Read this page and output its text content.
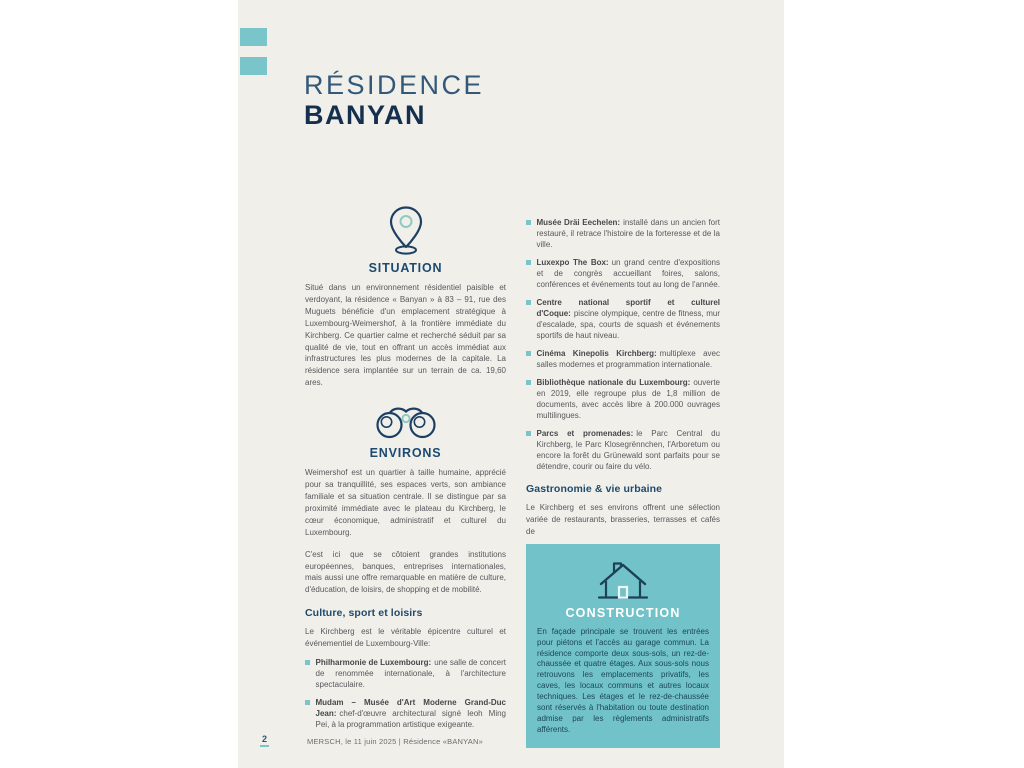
RÉSIDENCE
BANYAN
SITUATION

Situé dans un environnement résidentiel paisible et verdoyant, la résidence « Banyan » à 83 – 91, rue des Muguets bénéficie d'un emplacement stratégique à Luxembourg-Weimershof, à la frontière immédiate du Kirchberg. Ce quartier calme et recherché séduit par sa qualité de vie, tout en offrant un accès immédiat aux infrastructures les plus modernes de la capitale. La résidence sera implantée sur un terrain de ca. 19,60 ares.

ENVIRONS

Weimershof est un quartier à taille humaine, apprécié pour sa tranquillité, ses espaces verts, son ambiance familiale et sa situation centrale. Il se distingue par sa proximité immédiate avec le plateau du Kirchberg, le cœur économique, administratif et culturel du Luxembourg.

C'est ici que se côtoient grandes institutions européennes, banques, entreprises internationales, mais aussi une offre remarquable en matière de culture, d'éducation, de loisirs, de shopping et de mobilité.

Culture, sport et loisirs

Le Kirchberg est le véritable épicentre culturel et événementiel de Luxembourg-Ville:

Philharmonie de Luxembourg: une salle de concert de renommée internationale, à l'architecture spectaculaire.
Mudam – Musée d'Art Moderne Grand-Duc Jean: chef-d'œuvre architectural signé Ieoh Ming Pei, à la programmation artistique exigeante.
Musée Dräi Eechelen: installé dans un ancien fort restauré, il retrace l'histoire de la forteresse et de la ville.
Luxexpo The Box: un grand centre d'expositions et de congrès accueillant foires, salons, conférences et événements tout au long de l'année.
Centre national sportif et culturel d'Coque: piscine olympique, centre de fitness, mur d'escalade, spa, courts de squash et événements sportifs de haut niveau.
Cinéma Kinepolis Kirchberg: multiplexe avec salles modernes et programmation internationale.
Bibliothèque nationale du Luxembourg: ouverte en 2019, elle regroupe plus de 1,8 million de documents, avec accès libre à 200.000 ouvrages multilingues.
Parcs et promenades: le Parc Central du Kirchberg, le Parc Klosegrënnchen, l'Arboretum ou encore la forêt du Grünewald sont parfaits pour se détendre, courir ou faire du vélo.
Gastronomie & vie urbaine

Le Kirchberg et ses environs offrent une sélection variée de restaurants, brasseries, terrasses et cafés de

CONSTRUCTION

En façade principale se trouvent les entrées pour piétons et l'accès au garage commun. La résidence comporte deux sous-sols, un rez-de-chaussée et quatre étages. Aux sous-sols nous retrouvons les emplacements privatifs, les caves, les locaux communs et autres locaux techniques. Les étages et le rez-de-chaussée sont réservés à l'habitation ou toute destination admise par les règlements administratifs afférents.

2	MERSCH, le 11 juin 2025 | Résidence «BANYAN»
